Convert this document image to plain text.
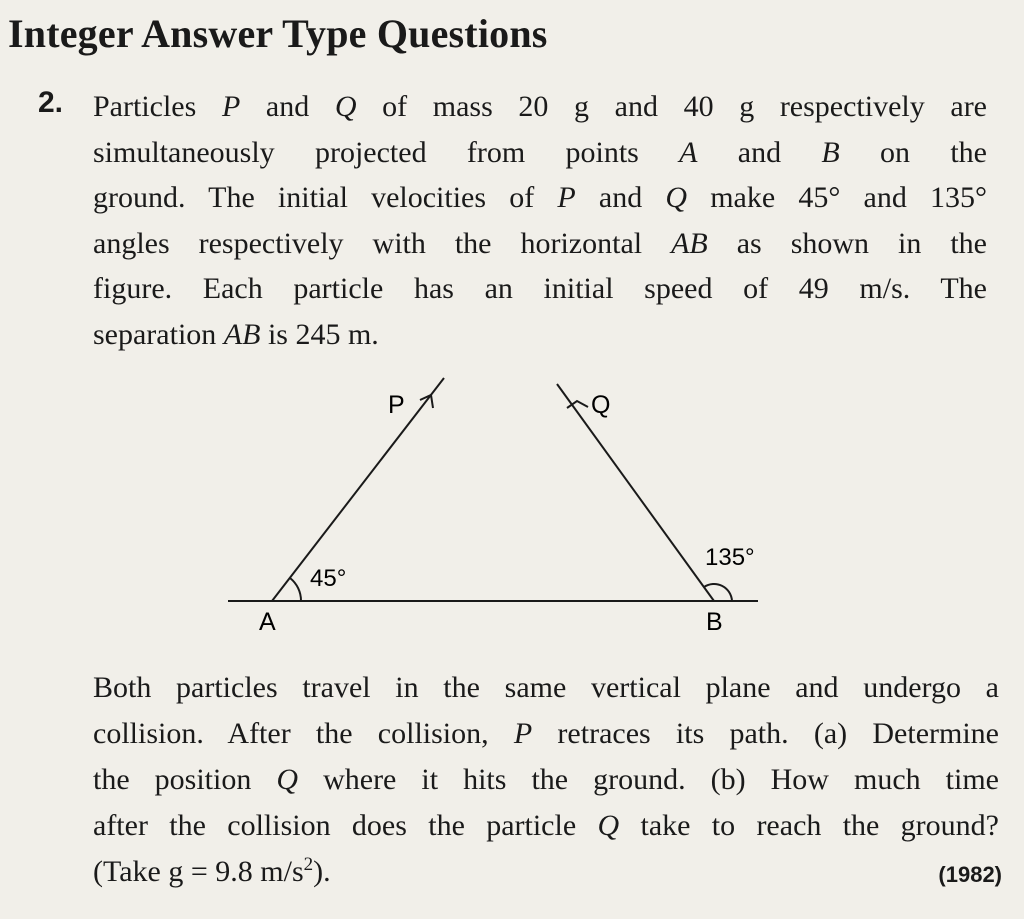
Integer Answer Type Questions
2. Particles P and Q of mass 20 g and 40 g respectively are
simultaneously projected from points A and B on the
ground. The initial velocities of P and Q make 45° and 135°
angles respectively with the horizontal AB as shown in the
figure. Each particle has an initial speed of 49 m/s. The
separation AB is 245 m.
P	Q
45°
135°
A	B
Both particles travel in the same vertical plane and undergo a
collision. After the collision, P retraces its path. (a) Determine
the position Q where it hits the ground. (b) How much time
after the collision does the particle Q take to reach the ground?
(Take g = 9.8 $m/s^2$).	(1982)
